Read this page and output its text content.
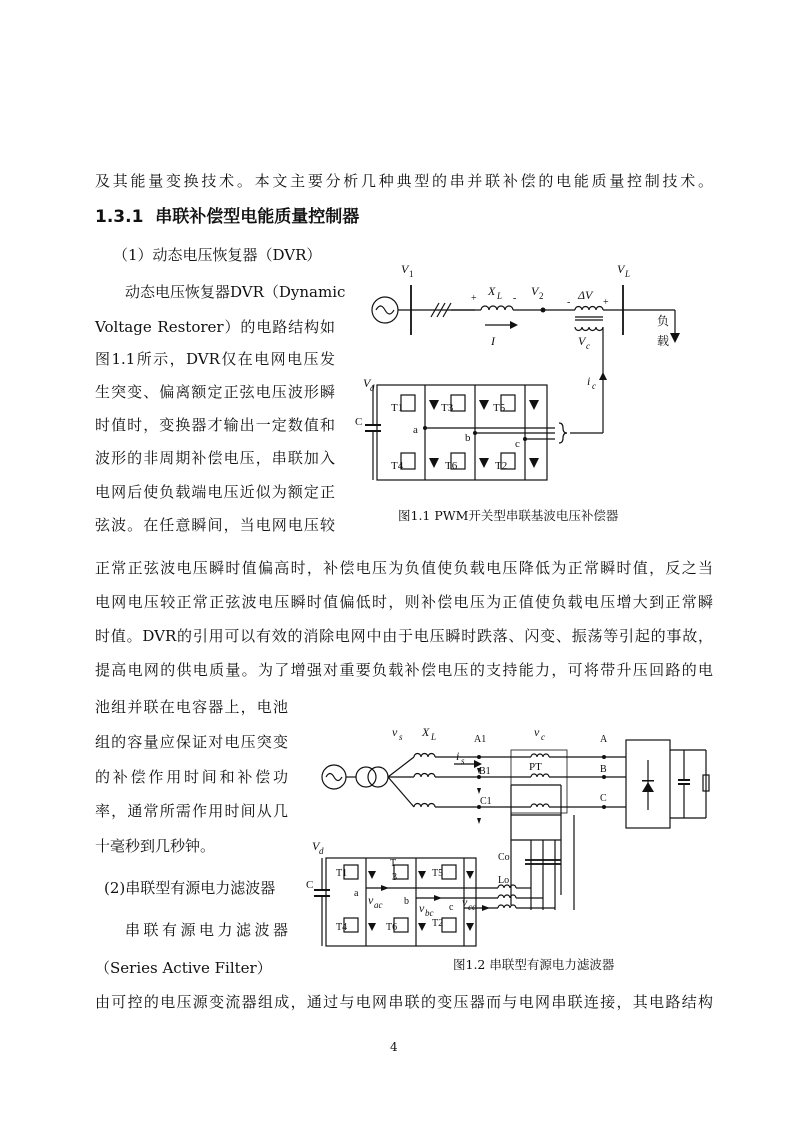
及其能量变换技术。本文主要分析几种典型的串并联补偿的电能质量控制技术。
1.3.1 串联补偿型电能质量控制器
（1）动态电压恢复器（DVR）
动态电压恢复器DVR（Dynamic
Voltage Restorer）的电路结构如
图1.1所示，DVR仅在电网电压发
生突变、偏离额定正弦电压波形瞬
时值时，变换器才输出一定数值和
波形的非周期补偿电压，串联加入
电网后使负载端电压近似为额定正
弦波。在任意瞬间，当电网电压较
正常正弦波电压瞬时值偏高时，补偿电压为负值使负载电压降低为正常瞬时值，反之当
电网电压较正常正弦波电压瞬时值偏低时，则补偿电压为正值使负载电压增大到正常瞬
时值。DVR的引用可以有效的消除电网中由于电压瞬时跌落、闪变、振荡等引起的事故，
提高电网的供电质量。为了增强对重要负载补偿电压的支持能力，可将带升压回路的电
池组并联在电容器上，电池
组的容量应保证对电压突变
的补偿作用时间和补偿功
率，通常所需作用时间从几
十毫秒到几秒钟。
(2)串联型有源电力滤波器
串联有源电力滤波器
（Series Active Filter）
由可控的电压源变流器组成，通过与电网串联的变压器而与电网串联连接，其电路结构
V 1
X L
+	-
V 2	ΔV
-	+
V L
V c
I
i c
负
载
V d
C
T1	T3	T5
T4	T6	T2
a
b	c
图1.1 PWM开关型串联基波电压补偿器
v s X L
i s
A1
B1
C1
v c
PT
A
B
C
Co
Lo
V d
C
T1
T
3	T5
T4	T6	T2
a
b
c
v ac	v bc
v cc
图1.2 串联型有源电力滤波器
4
